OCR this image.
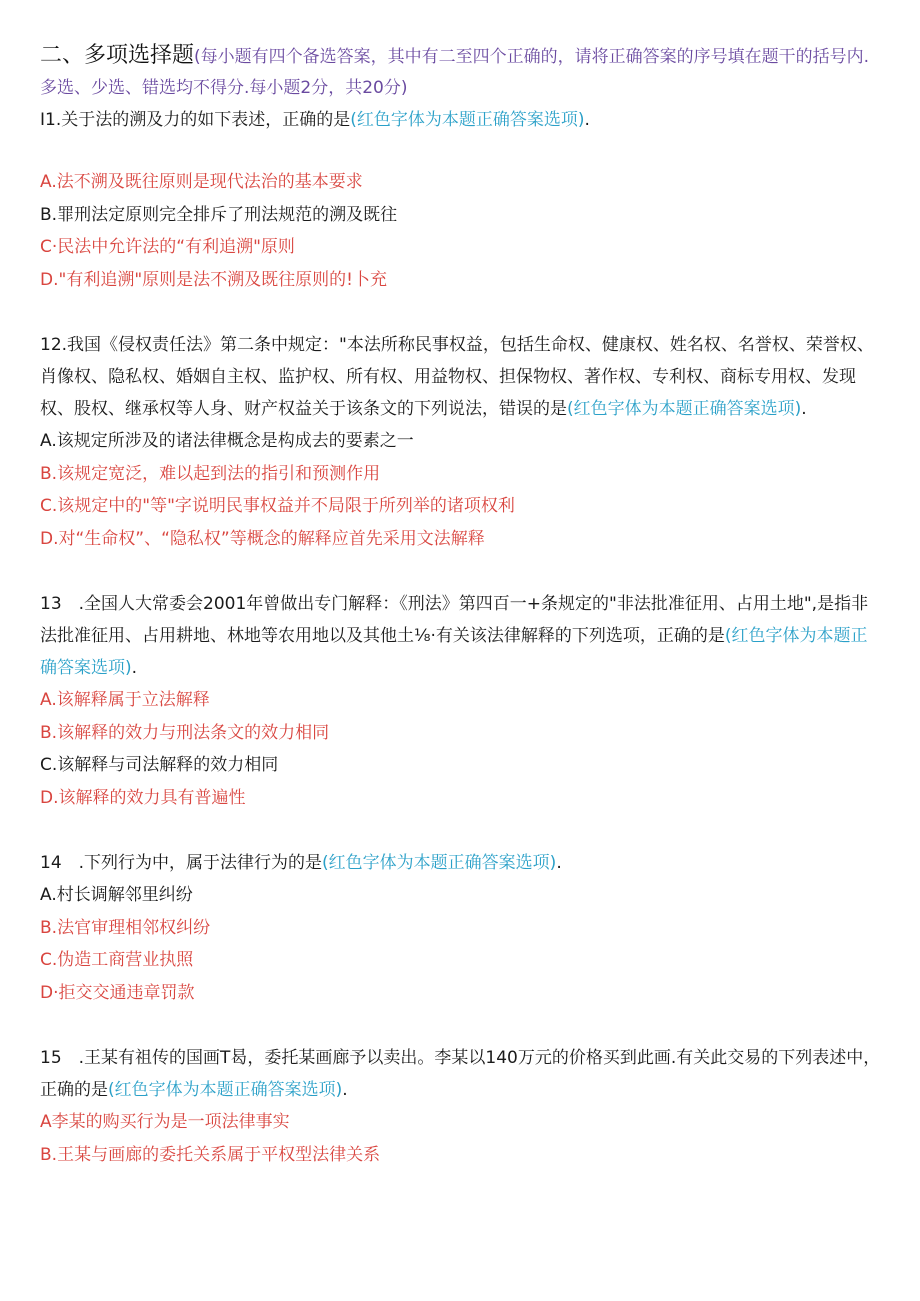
二、多项选择题(每小题有四个备选答案，其中有二至四个正确的，请将正确答案的序号填在题干的括号内.多选、少选、错选均不得分.每小题2分，共20分)

I1.关于法的溯及力的如下表述，正确的是(红色字体为本题正确答案选项).

A.法不溯及既往原则是现代法治的基本要求

B.罪刑法定原则完全排斥了刑法规范的溯及既往

C·民法中允许法的“有利追溯"原则

D."有利追溯"原则是法不溯及既往原则的!卜充

12.我国《侵权责任法》第二条中规定："本法所称民事权益，包括生命权、健康权、姓名权、名誉权、荣誉权、肖像权、隐私权、婚姻自主权、监护权、所有权、用益物权、担保物权、著作权、专利权、商标专用权、发现权、股权、继承权等人身、财产权益关于该条文的下列说法，错误的是(红色字体为本题正确答案选项).

A.该规定所涉及的诸法律概念是构成去的要素之一

B.该规定宽泛，难以起到法的指引和预测作用

C.该规定中的"等"字说明民事权益并不局限于所列举的诸项权利

D.对“生命权”、“隐私权”等概念的解释应首先采用文法解释

13　.全国人大常委会2001年曾做出专门解释：《刑法》第四百一+条规定的"非法批准征用、占用土地",是指非法批准征用、占用耕地、林地等农用地以及其他土⅛·有关该法律解释的下列选项，正确的是(红色字体为本题正确答案选项).

A.该解释属于立法解释

B.该解释的效力与刑法条文的效力相同

C.该解释与司法解释的效力相同

D.该解释的效力具有普遍性

14　.下列行为中，属于法律行为的是(红色字体为本题正确答案选项).

A.村长调解邻里纠纷

B.法官审理相邻权纠纷

C.伪造工商营业执照

D·拒交交通违章罚款

15　.王某有祖传的国画T曷，委托某画廊予以卖出。李某以140万元的价格买到此画.有关此交易的下列表述中，正确的是(红色字体为本题正确答案选项).

A李某的购买行为是一项法律事实

B.王某与画廊的委托关系属于平权型法律关系
